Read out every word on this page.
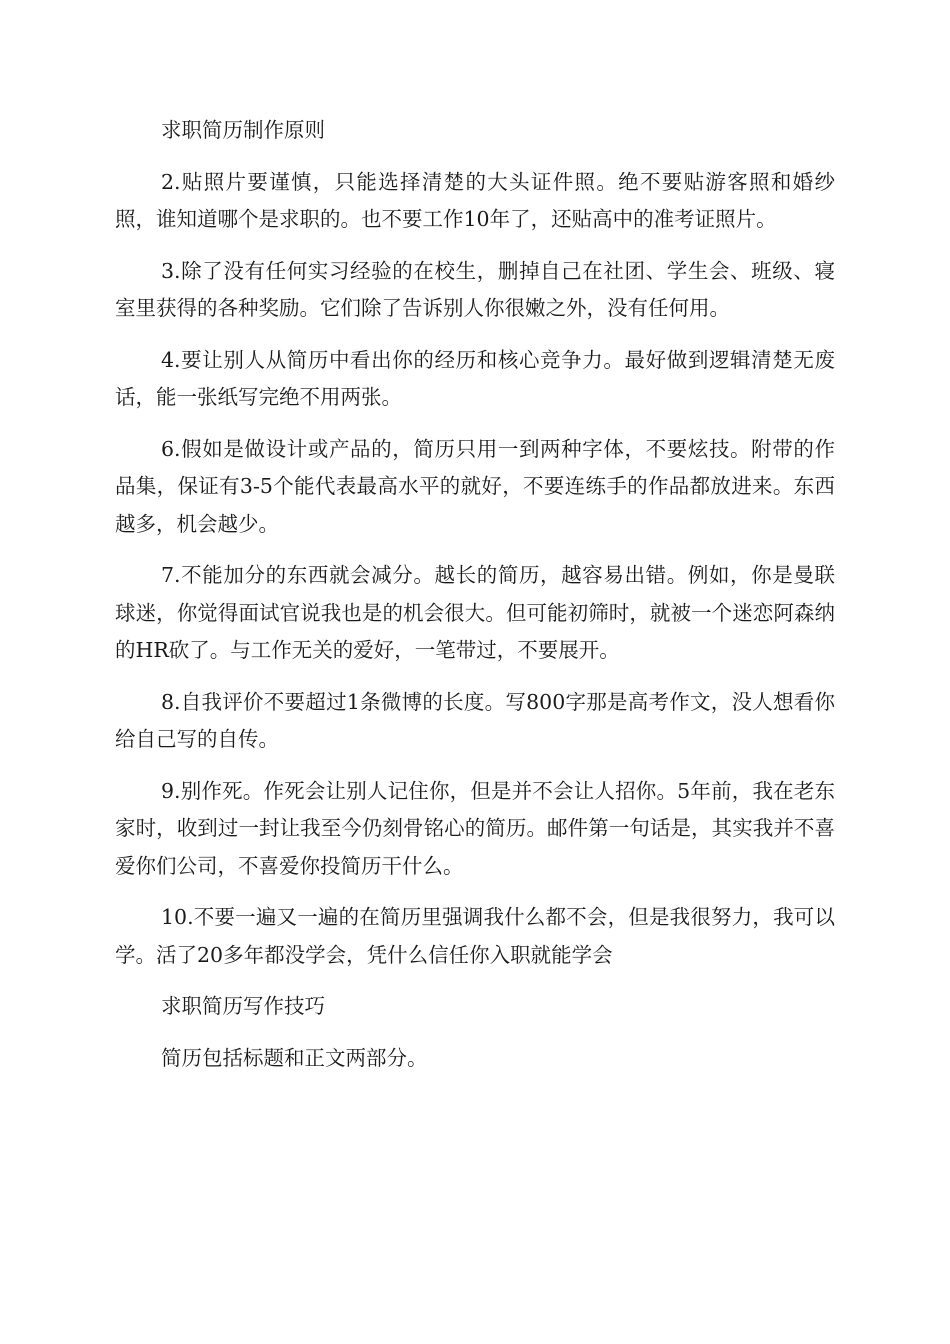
求职简历制作原则

2.贴照片要谨慎，只能选择清楚的大头证件照。绝不要贴游客照和婚纱照，谁知道哪个是求职的。也不要工作10年了，还贴高中的准考证照片。

3.除了没有任何实习经验的在校生，删掉自己在社团、学生会、班级、寝室里获得的各种奖励。它们除了告诉别人你很嫩之外，没有任何用。

4.要让别人从简历中看出你的经历和核心竞争力。最好做到逻辑清楚无废话，能一张纸写完绝不用两张。

6.假如是做设计或产品的，简历只用一到两种字体，不要炫技。附带的作品集，保证有3-5个能代表最高水平的就好，不要连练手的作品都放进来。东西越多，机会越少。

7.不能加分的东西就会减分。越长的简历，越容易出错。例如，你是曼联球迷，你觉得面试官说我也是的机会很大。但可能初筛时，就被一个迷恋阿森纳的HR砍了。与工作无关的爱好，一笔带过，不要展开。

8.自我评价不要超过1条微博的长度。写800字那是高考作文，没人想看你给自己写的自传。

9.别作死。作死会让别人记住你，但是并不会让人招你。5年前，我在老东家时，收到过一封让我至今仍刻骨铭心的简历。邮件第一句话是，其实我并不喜爱你们公司，不喜爱你投简历干什么。

10.不要一遍又一遍的在简历里强调我什么都不会，但是我很努力，我可以学。活了20多年都没学会，凭什么信任你入职就能学会

求职简历写作技巧

简历包括标题和正文两部分。
